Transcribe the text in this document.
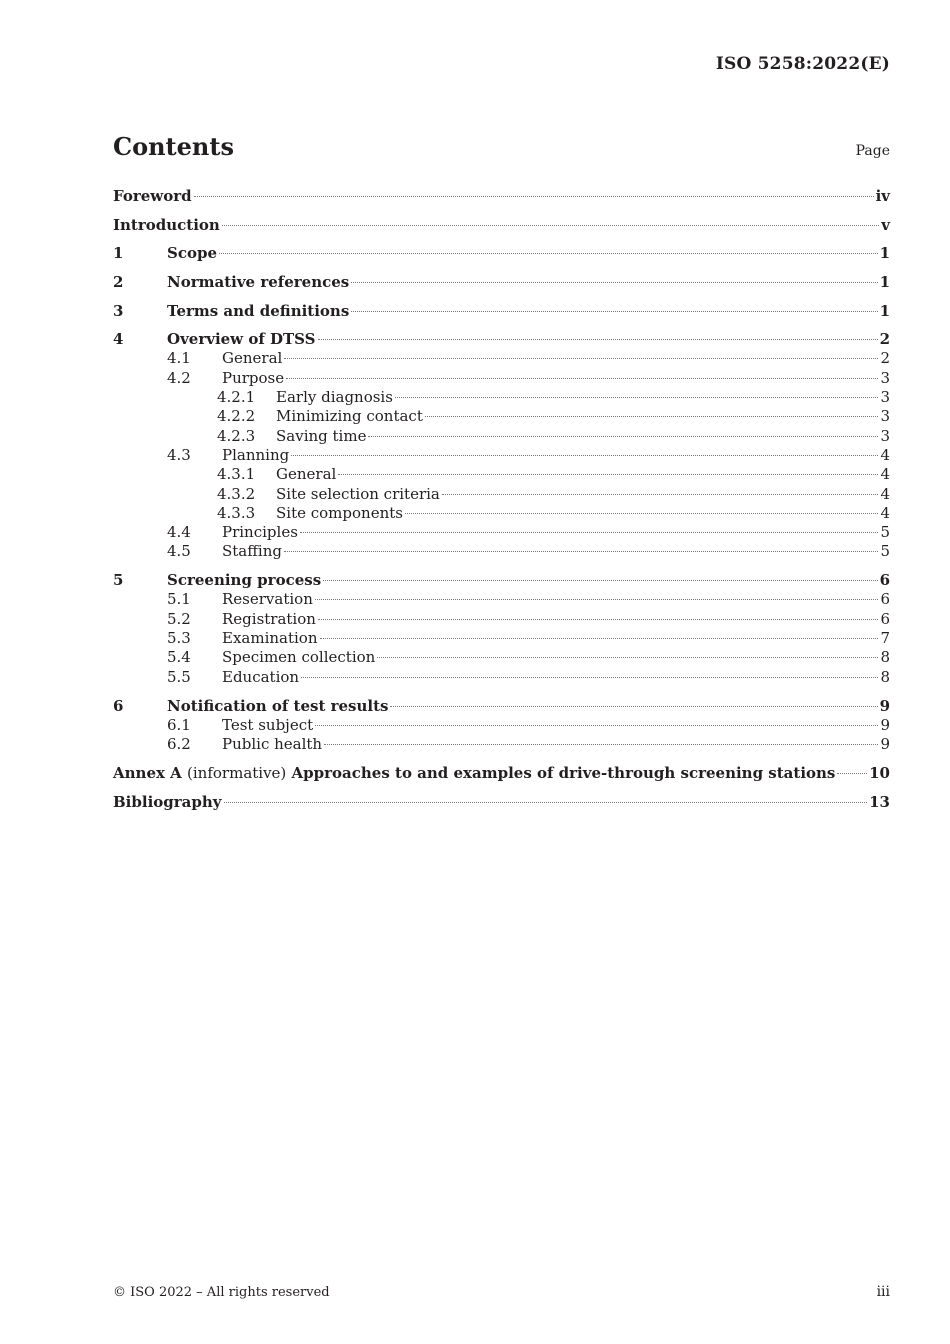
ISO 5258:2022(E)
Contents	Page
Foreword	iv
Introduction	v
1	Scope	1
2	Normative references	1
3	Terms and definitions	1
4	Overview of DTSS	2
4.1	General	2
4.2	Purpose	3
4.2.1	Early diagnosis	3
4.2.2	Minimizing contact	3
4.2.3	Saving time	3
4.3	Planning	4
4.3.1	General	4
4.3.2	Site selection criteria	4
4.3.3	Site components	4
4.4	Principles	5
4.5	Staffing	5
5	Screening process	6
5.1	Reservation	6
5.2	Registration	6
5.3	Examination	7
5.4	Specimen collection	8
5.5	Education	8
6	Notification of test results	9
6.1	Test subject	9
6.2	Public health	9
Annex A (informative) Approaches to and examples of drive-through screening stations 10
Bibliography	13
© ISO 2022 – All rights reserved	iii
